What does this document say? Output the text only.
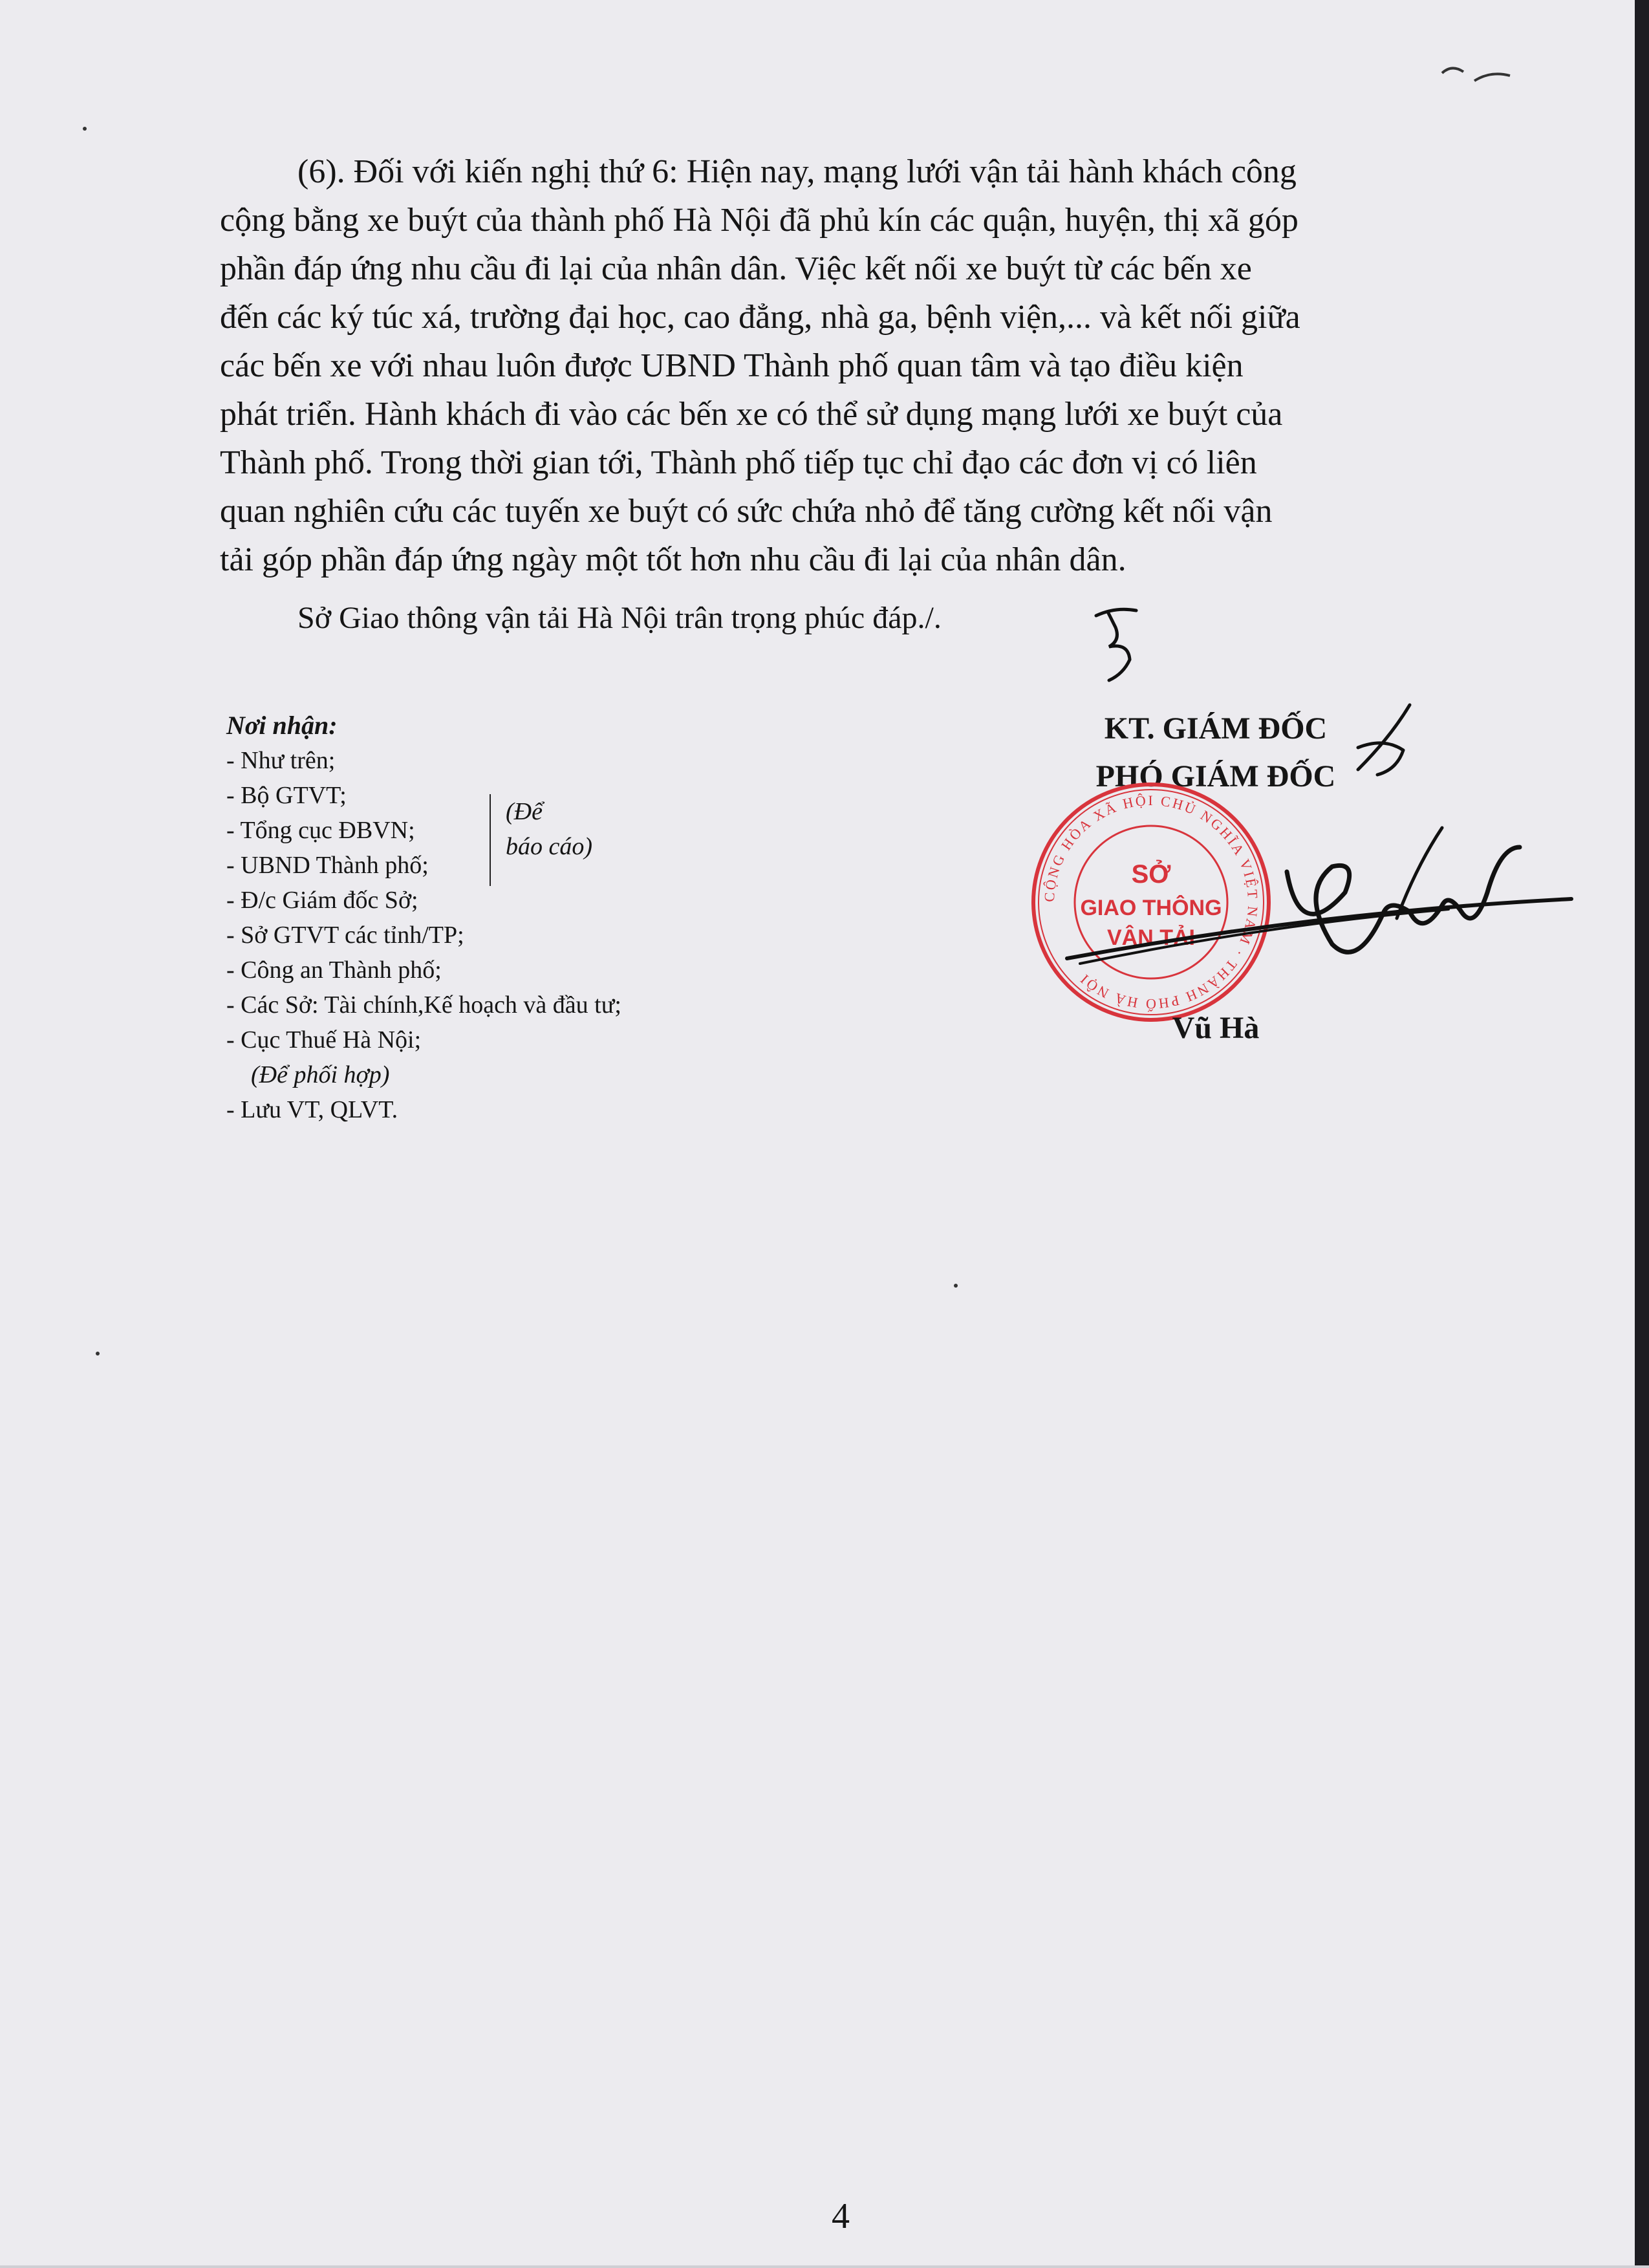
(6). Đối với kiến nghị thứ 6: Hiện nay, mạng lưới vận tải hành khách công
cộng bằng xe buýt của thành phố Hà Nội đã phủ kín các quận, huyện, thị xã góp
phần đáp ứng nhu cầu đi lại của nhân dân. Việc kết nối xe buýt từ các bến xe
đến các ký túc xá, trường đại học, cao đẳng, nhà ga, bệnh viện,... và kết nối giữa
các bến xe với nhau luôn được UBND Thành phố quan tâm và tạo điều kiện
phát triển. Hành khách đi vào các bến xe có thể sử dụng mạng lưới xe buýt của
Thành phố. Trong thời gian tới, Thành phố tiếp tục chỉ đạo các đơn vị có liên
quan nghiên cứu các tuyến xe buýt có sức chứa nhỏ để tăng cường kết nối vận
tải góp phần đáp ứng ngày một tốt hơn nhu cầu đi lại của nhân dân.

Sở Giao thông vận tải Hà Nội trân trọng phúc đáp./.

Nơi nhận:
- Như trên;
- Bộ GTVT;
- Tổng cục ĐBVN;
- UBND Thành phố;
- Đ/c Giám đốc Sở;
- Sở GTVT các tỉnh/TP;
- Công an Thành phố;
- Các Sở: Tài chính,Kế hoạch và đầu tư;
- Cục Thuế Hà Nội;
(Để phối hợp)
- Lưu VT, QLVT.
(Để
báo cáo)
KT. GIÁM ĐỐC
PHÓ GIÁM ĐỐC
CỘNG HÒA XÃ HỘI CHỦ NGHĨA VIỆT NAM · THÀNH PHỐ HÀ NỘI
SỞ
GIAO THÔNG
VẬN TẢI
Vũ Hà
4
